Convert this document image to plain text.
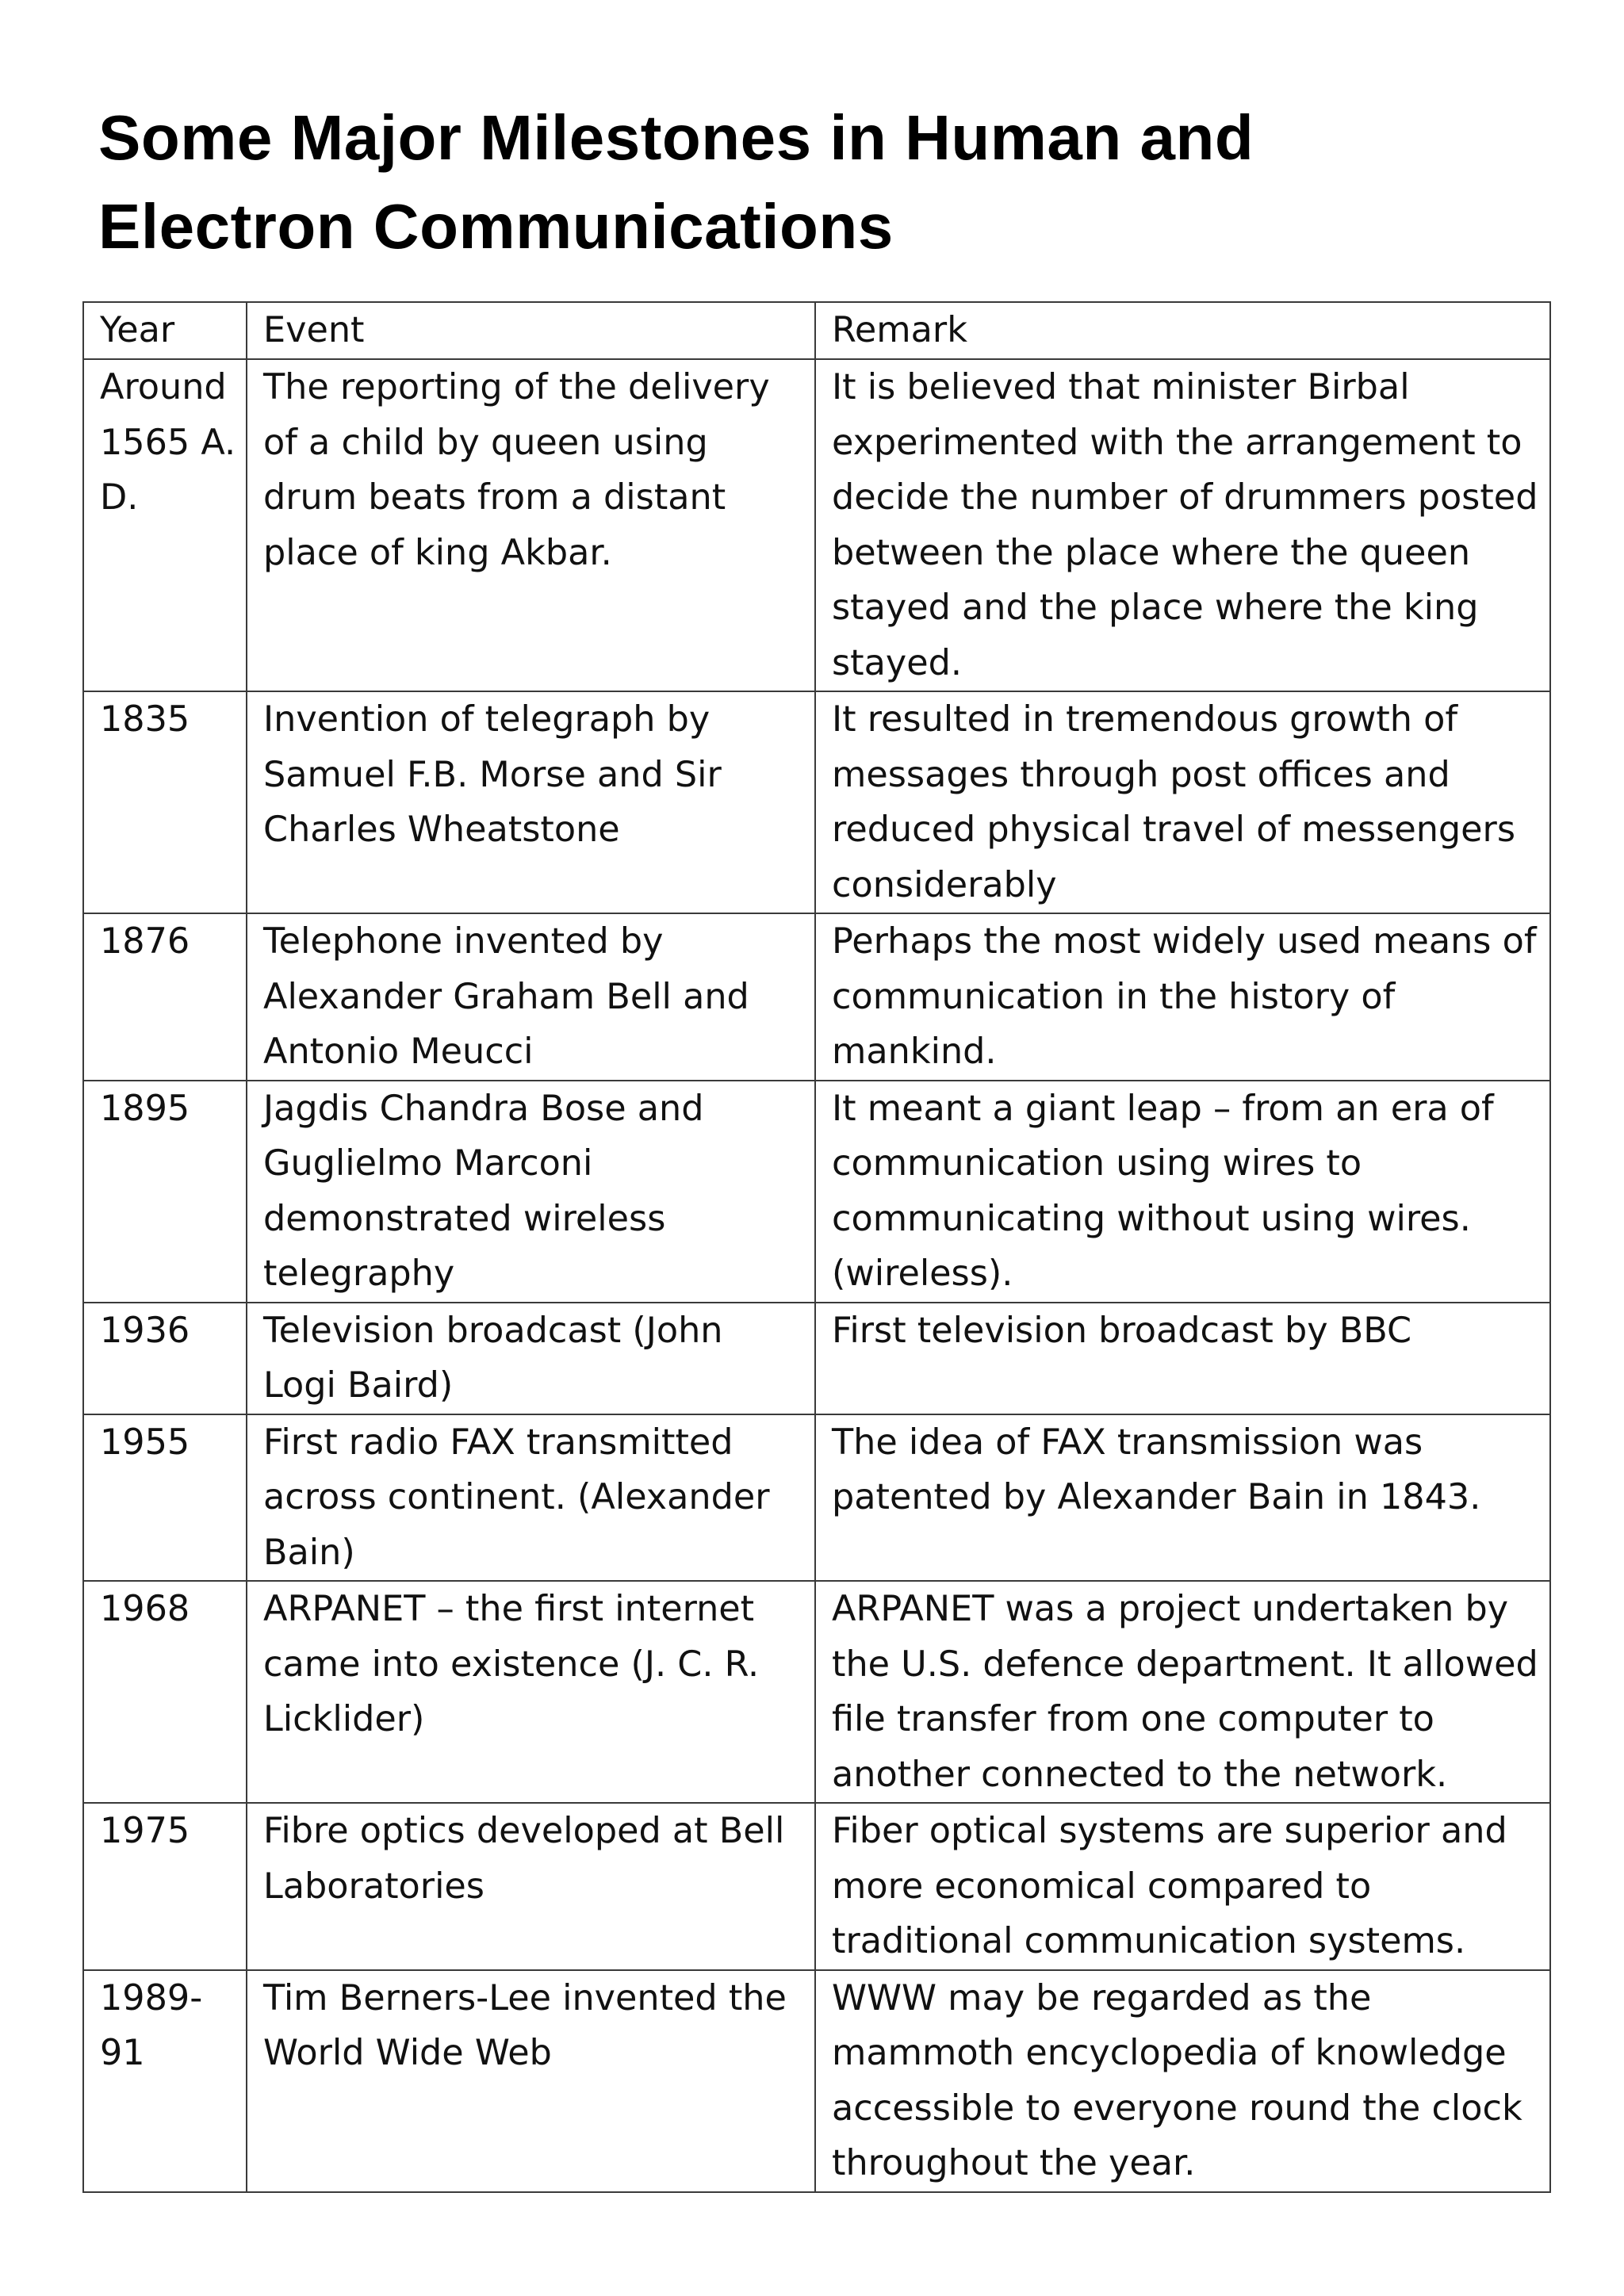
Some Major Milestones in Human and
Electron Communications
Year	Event	Remark

Around 1565 A. D.	The reporting of the delivery of a child by queen using drum beats from a distant place of king Akbar.	It is believed that minister Birbal experimented with the arrangement to decide the number of drummers posted between the place where the queen stayed and the place where the king stayed.

1835	Invention of telegraph by Samuel F.B. Morse and Sir Charles Wheatstone	It resulted in tremendous growth of messages through post offices and reduced physical travel of messengers considerably

1876	Telephone invented by Alexander Graham Bell and Antonio Meucci	Perhaps the most widely used means of communication in the history of mankind.

1895	Jagdis Chandra Bose and Guglielmo Marconi demonstrated wireless telegraphy	It meant a giant leap – from an era of communication using wires to communicating without using wires. (wireless).

1936	Television broadcast (John Logi Baird)	First television broadcast by BBC

1955	First radio FAX transmitted across continent. (Alexander Bain)	The idea of FAX transmission was patented by Alexander Bain in 1843.

1968	ARPANET – the first internet came into existence (J. C. R. Licklider)	ARPANET was a project undertaken by the U.S. defence department. It allowed file transfer from one computer to another connected to the network.

1975	Fibre optics developed at Bell Laboratories	Fiber optical systems are superior and more economical compared to traditional communication systems.

1989-91	Tim Berners-Lee invented the World Wide Web	WWW may be regarded as the mammoth encyclopedia of knowledge accessible to everyone round the clock throughout the year.
